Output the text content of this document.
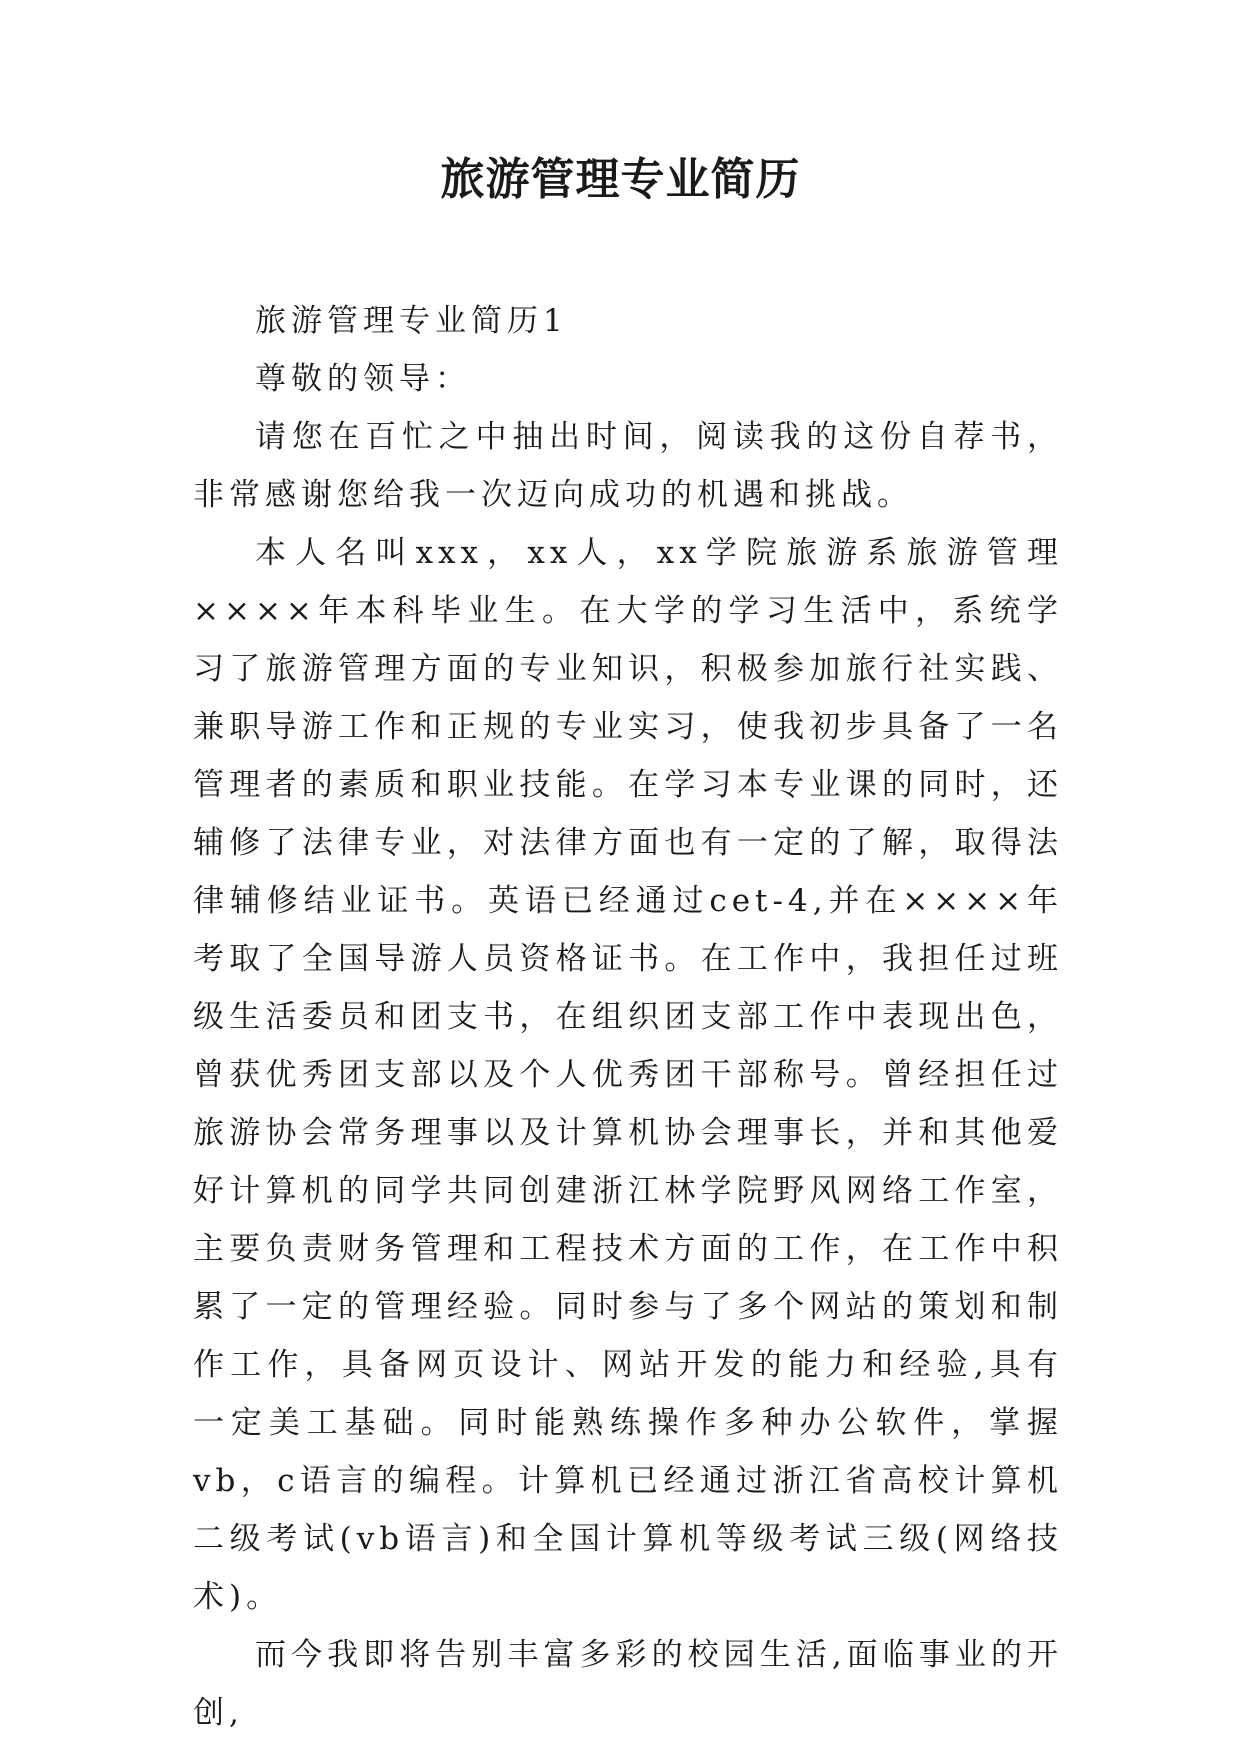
旅游管理专业简历

旅游管理专业简历1

尊敬的领导：

请您在百忙之中抽出时间，阅读我的这份自荐书，非常感谢您给我一次迈向成功的机遇和挑战。

本人名叫xxx，xx人，xx学院旅游系旅游管理××××年本科毕业生。在大学的学习生活中，系统学习了旅游管理方面的专业知识，积极参加旅行社实践、兼职导游工作和正规的专业实习，使我初步具备了一名管理者的素质和职业技能。在学习本专业课的同时，还辅修了法律专业，对法律方面也有一定的了解，取得法律辅修结业证书。英语已经通过cet-4,并在××××年考取了全国导游人员资格证书。在工作中，我担任过班级生活委员和团支书，在组织团支部工作中表现出色，曾获优秀团支部以及个人优秀团干部称号。曾经担任过旅游协会常务理事以及计算机协会理事长，并和其他爱好计算机的同学共同创建浙江林学院野风网络工作室，主要负责财务管理和工程技术方面的工作，在工作中积累了一定的管理经验。同时参与了多个网站的策划和制作工作，具备网页设计、网站开发的能力和经验,具有一定美工基础。同时能熟练操作多种办公软件，掌握vb，c语言的编程。计算机已经通过浙江省高校计算机二级考试(vb语言)和全国计算机等级考试三级(网络技术)。

而今我即将告别丰富多彩的校园生活,面临事业的开创,
